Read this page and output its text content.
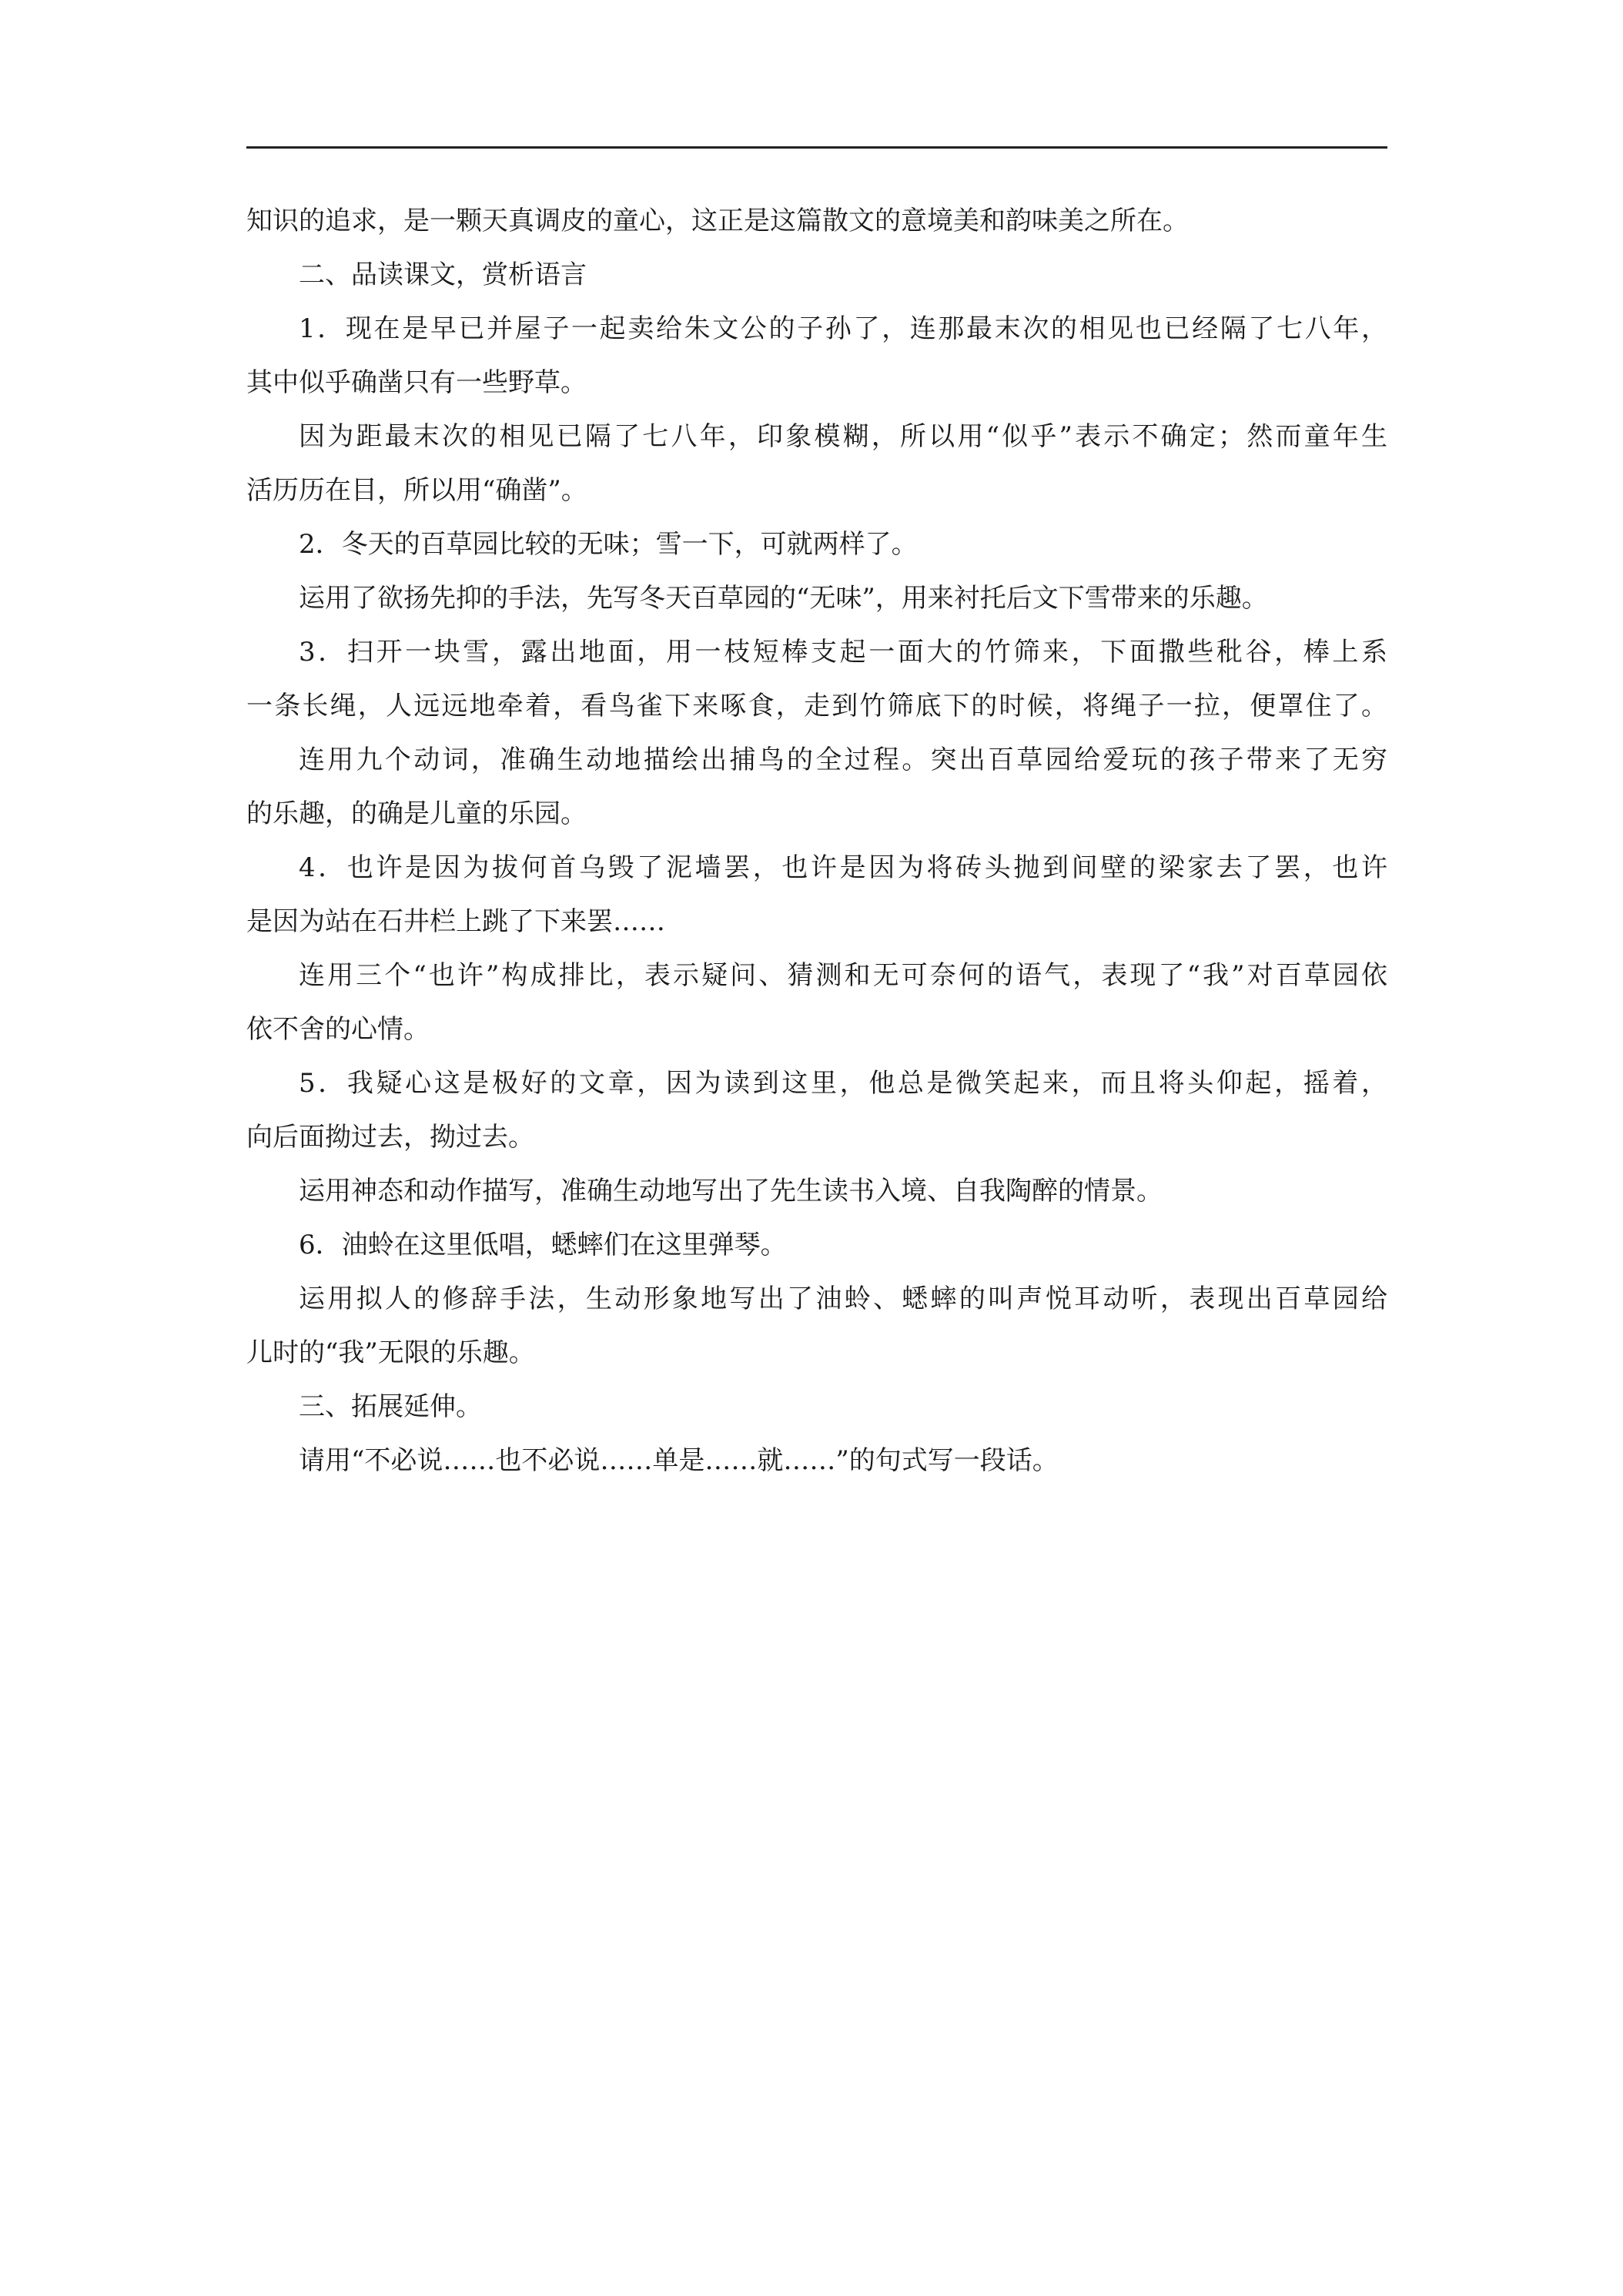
知识的追求，是一颗天真调皮的童心，这正是这篇散文的意境美和韵味美之所在。
二、品读课文，赏析语言
1．现在是早已并屋子一起卖给朱文公的子孙了，连那最末次的相见也已经隔了七八年，
其中似乎确凿只有一些野草。
因为距最末次的相见已隔了七八年，印象模糊，所以用“似乎”表示不确定；然而童年生
活历历在目，所以用“确凿”。
2．冬天的百草园比较的无味；雪一下，可就两样了。
运用了欲扬先抑的手法，先写冬天百草园的“无味”，用来衬托后文下雪带来的乐趣。
3．扫开一块雪，露出地面，用一枝短棒支起一面大的竹筛来，下面撒些秕谷，棒上系
一条长绳，人远远地牵着，看鸟雀下来啄食，走到竹筛底下的时候，将绳子一拉，便罩住了。
连用九个动词，准确生动地描绘出捕鸟的全过程。突出百草园给爱玩的孩子带来了无穷
的乐趣，的确是儿童的乐园。
4．也许是因为拔何首乌毁了泥墙罢，也许是因为将砖头抛到间壁的梁家去了罢，也许
是因为站在石井栏上跳了下来罢……
连用三个“也许”构成排比，表示疑问、猜测和无可奈何的语气，表现了“我”对百草园依
依不舍的心情。
5．我疑心这是极好的文章，因为读到这里，他总是微笑起来，而且将头仰起，摇着，
向后面拗过去，拗过去。
运用神态和动作描写，准确生动地写出了先生读书入境、自我陶醉的情景。
6．油蛉在这里低唱，蟋蟀们在这里弹琴。
运用拟人的修辞手法，生动形象地写出了油蛉、蟋蟀的叫声悦耳动听，表现出百草园给
儿时的“我”无限的乐趣。
三、拓展延伸。
请用“不必说……也不必说……单是……就……”的句式写一段话。
